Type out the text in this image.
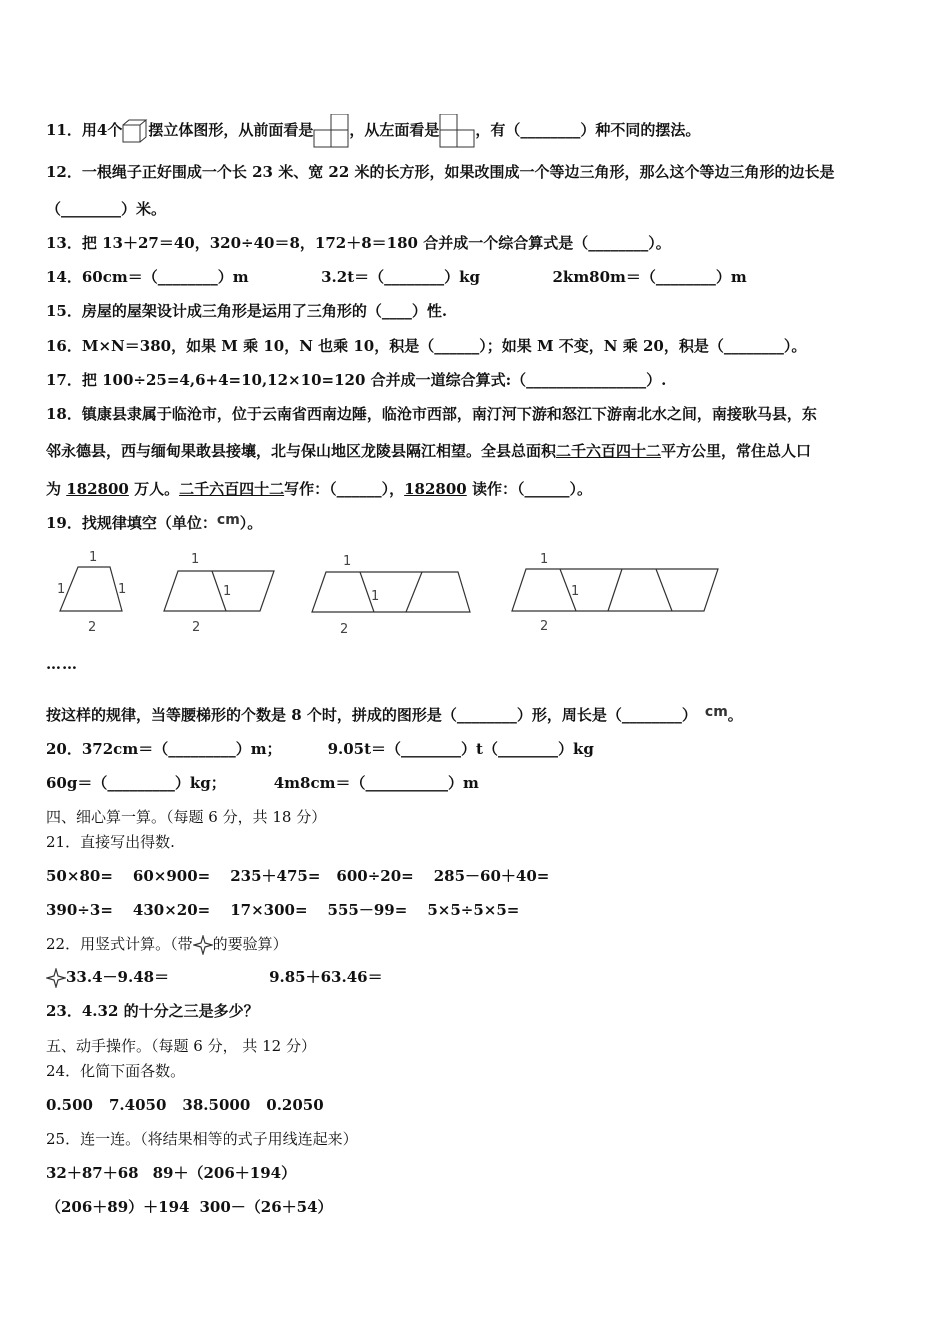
11．用4个 摆立体图形，从前面看是 ，从左面看是 ，有（________）种不同的摆法。
12．一根绳子正好围成一个长 23 米、宽 22 米的长方形，如果改围成一个等边三角形，那么这个等边三角形的边长是
（________）米。
13．把 13＋27＝40，320÷40＝8，172＋8＝180 合并成一个综合算式是（________）。
14．60cm＝（________）m	3.2t＝（________）kg	2km80m＝（________）m
15．房屋的屋架设计成三角形是运用了三角形的（____）性.
16．M×N＝380，如果 M 乘 10，N 也乘 10，积是（______）；如果 M 不变，N 乘 20，积是（________）。
17．把 100÷25=4,6+4=10,12×10=120 合并成一道综合算式:（________________）.
18．镇康县隶属于临沧市，位于云南省西南边陲，临沧市西部，南汀河下游和怒江下游南北水之间，南接耿马县，东
邻永德县，西与缅甸果敢县接壤，北与保山地区龙陵县隔江相望。全县总面积二千六百四十二平方公里，常住总人口
为 182800 万人。二千六百四十二写作：（______），182800 读作：（______）。
19．找规律填空（单位：cm）。
1
1	1
2
1
1
2
1
1
2
1
1
2
……
按这样的规律，当等腰梯形的个数是 8 个时，拼成的图形是（________）形，周长是（________） cm。
20．372cm＝（_________）m；	9.05t＝（________）t（________）kg
60g＝（_________）kg；	4m8cm＝（___________）m
四、细心算一算。（每题 6 分，共 18 分）
21．直接写出得数.
50×80= 60×900= 235＋475= 600÷20= 285－60＋40=
390÷3= 430×20= 17×300= 555－99= 5×5÷5×5=
22．用竖式计算。（带 的要验算）
33.4－9.48＝	9.85＋63.46＝
23．4.32 的十分之三是多少？
五、动手操作。（每题 6 分， 共 12 分）
24．化简下面各数。
0.500 7.4050 38.5000 0.2050
25．连一连。（将结果相等的式子用线连起来）
32＋87＋68 89＋（206＋194）
（206＋89）＋194 300－（26＋54）
